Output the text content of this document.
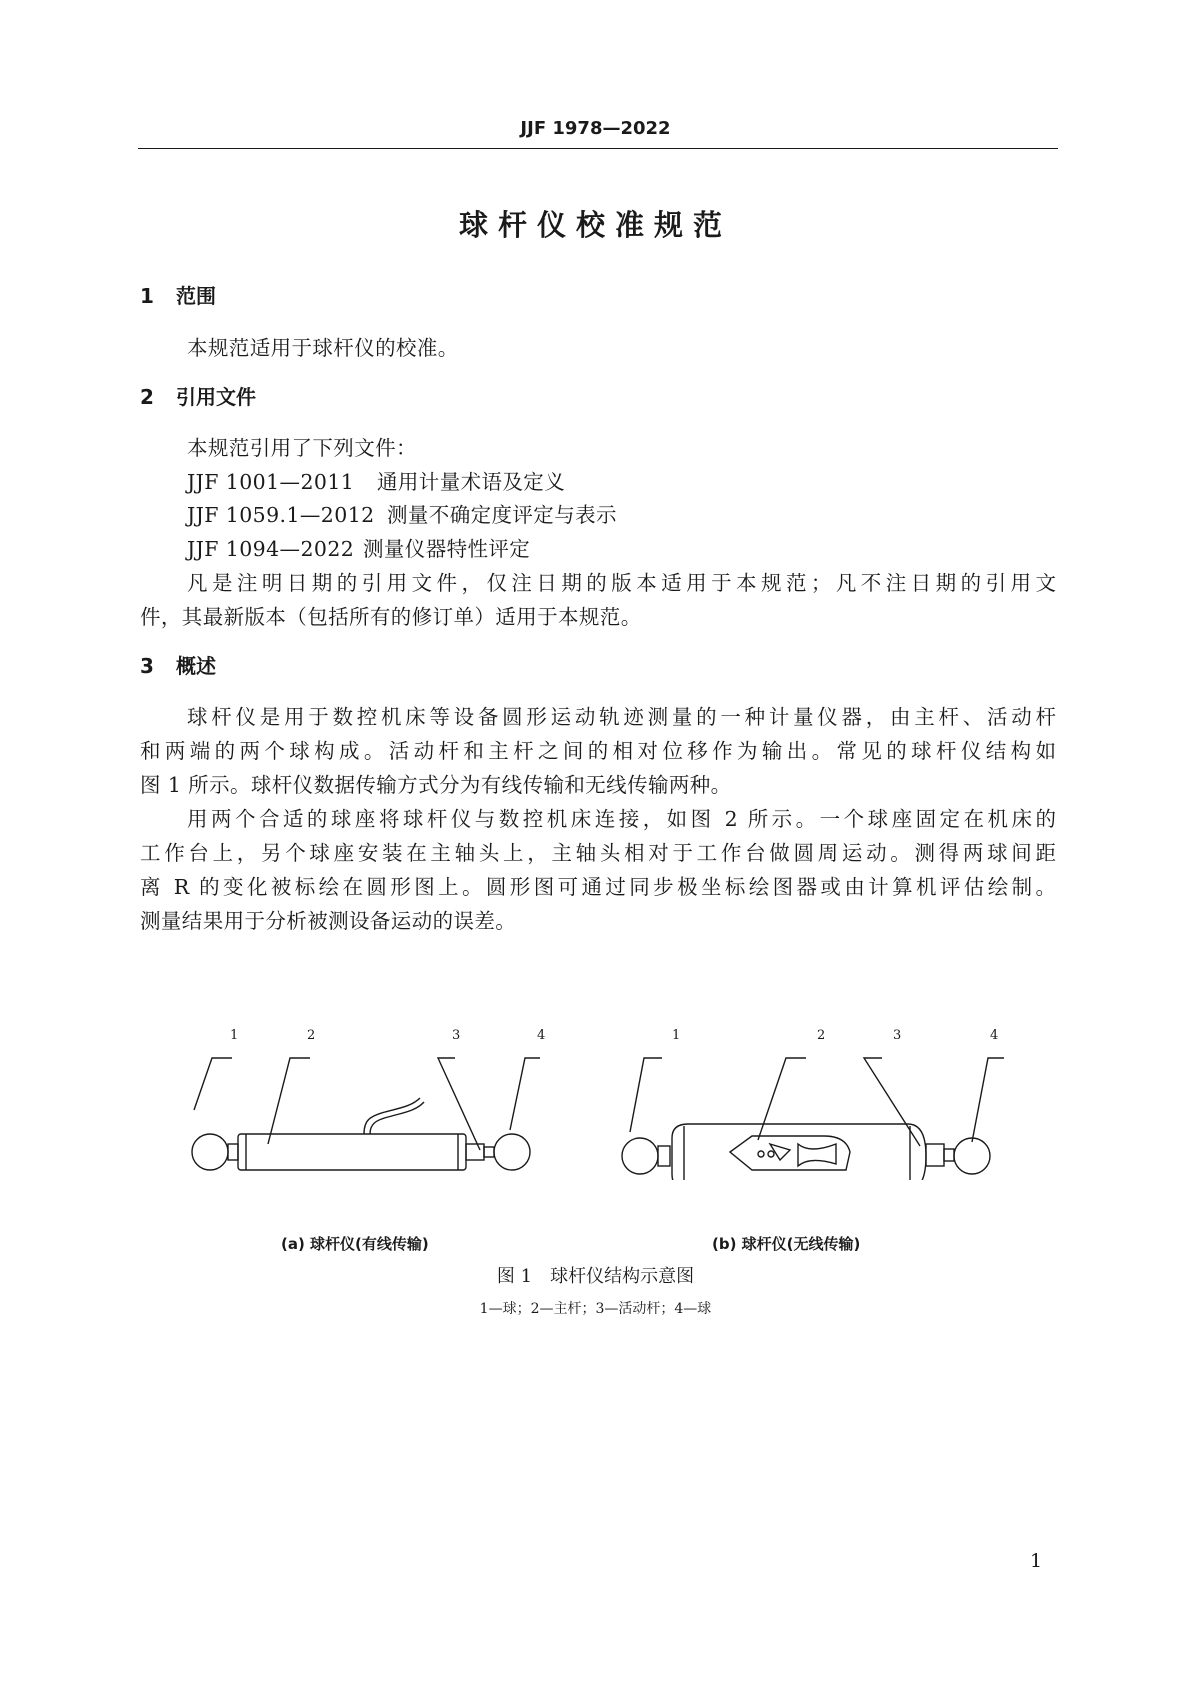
JJF 1978—2022
球杆仪校准规范
1 范围
本规范适用于球杆仪的校准。
2 引用文件
本规范引用了下列文件：
JJF 1001—2011 通用计量术语及定义
JJF 1059.1—2012 测量不确定度评定与表示
JJF 1094—2022 测量仪器特性评定
凡是注明日期的引用文件，仅注日期的版本适用于本规范；凡不注日期的引用文
件，其最新版本（包括所有的修订单）适用于本规范。
3 概述
球杆仪是用于数控机床等设备圆形运动轨迹测量的一种计量仪器，由主杆、活动杆
和两端的两个球构成。活动杆和主杆之间的相对位移作为输出。常见的球杆仪结构如
图 1 所示。球杆仪数据传输方式分为有线传输和无线传输两种。
用两个合适的球座将球杆仪与数控机床连接，如图 2 所示。一个球座固定在机床的
工作台上，另个球座安装在主轴头上，主轴头相对于工作台做圆周运动。测得两球间距
离 R 的变化被标绘在圆形图上。圆形图可通过同步极坐标绘图器或由计算机评估绘制。
测量结果用于分析被测设备运动的误差。
1	2	3	4	1	2	3	4
(a) 球杆仪(有线传输)	(b) 球杆仪(无线传输)
图 1　球杆仪结构示意图
1—球；2—主杆；3—活动杆；4—球
1
